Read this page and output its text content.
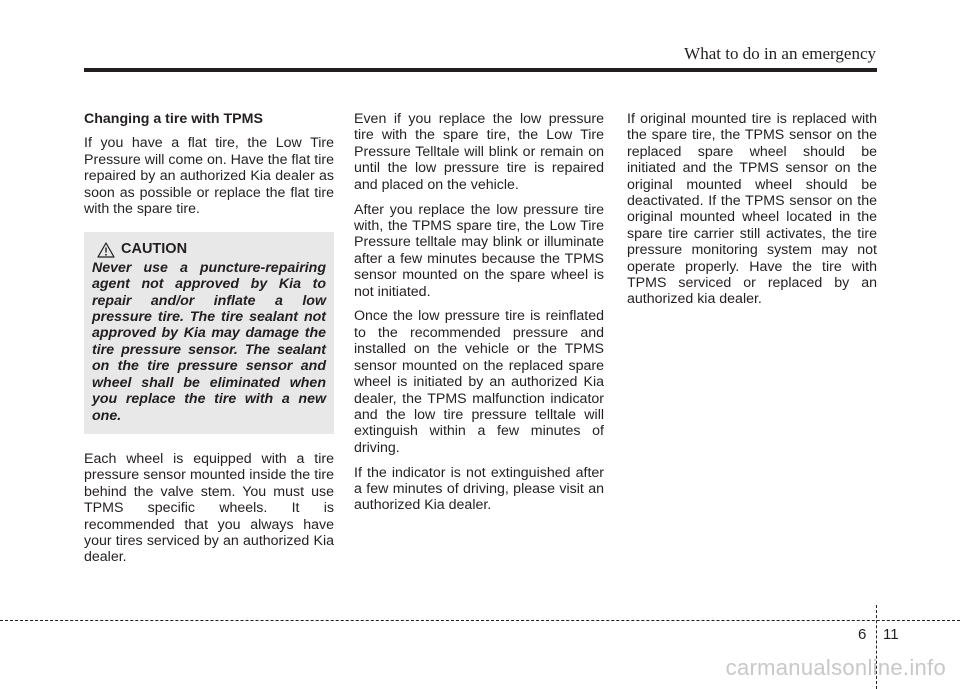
What to do in an emergency

Changing a tire with TPMS

If you have a flat tire, the Low Tire Pressure will come on. Have the flat tire repaired by an authorized Kia dealer as soon as possible or replace the flat tire with the spare tire.

CAUTION
Never use a puncture-repairing agent not approved by Kia to repair and/or inflate a low pressure tire. The tire sealant not approved by Kia may damage the tire pressure sensor. The sealant on the tire pressure sensor and wheel shall be eliminated when you replace the tire with a new one.

Each wheel is equipped with a tire pressure sensor mounted inside the tire behind the valve stem. You must use TPMS specific wheels. It is recommended that you always have your tires serviced by an authorized Kia dealer.

Even if you replace the low pressure tire with the spare tire, the Low Tire Pressure Telltale will blink or remain on until the low pressure tire is repaired and placed on the vehicle.

After you replace the low pressure tire with, the TPMS spare tire, the Low Tire Pressure telltale may blink or illuminate after a few minutes because the TPMS sensor mounted on the spare wheel is not initiated.

Once the low pressure tire is reinflated to the recommended pressure and installed on the vehicle or the TPMS sensor mounted on the replaced spare wheel is initiated by an authorized Kia dealer, the TPMS malfunction indicator and the low tire pressure telltale will extinguish within a few minutes of driving.

If the indicator is not extinguished after a few minutes of driving, please visit an authorized Kia dealer.

If original mounted tire is replaced with the spare tire, the TPMS sensor on the replaced spare wheel should be initiated and the TPMS sensor on the original mounted wheel should be deactivated. If the TPMS sensor on the original mounted wheel located in the spare tire carrier still activates, the tire pressure monitoring system may not operate properly. Have the tire with TPMS serviced or replaced by an authorized kia dealer.

6 11
carmanualsonline.info
